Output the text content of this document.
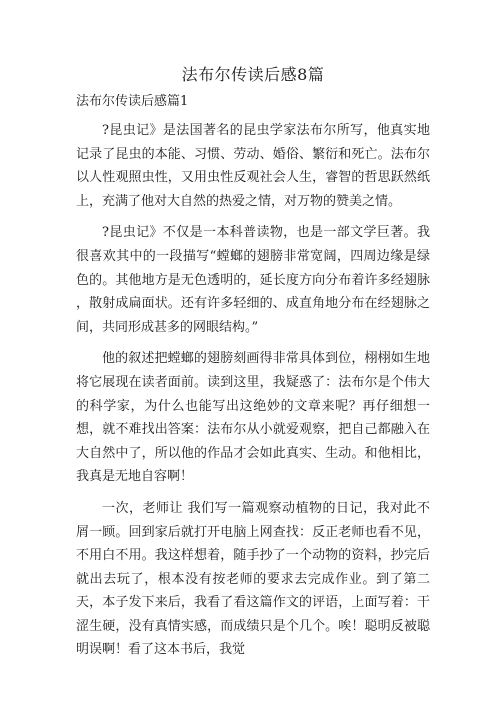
法布尔传读后感8篇
法布尔传读后感篇1

?昆虫记》是法国著名的昆虫学家法布尔所写，他真实地记录了昆虫的本能、习惯、劳动、婚俗、繁衍和死亡。法布尔以人性观照虫性，又用虫性反观社会人生，睿智的哲思跃然纸上，充满了他对大自然的热爱之情，对万物的赞美之情。

?昆虫记》不仅是一本科普读物，也是一部文学巨著。我很喜欢其中的一段描写“螳螂的翅膀非常宽阔，四周边缘是绿色的。其他地方是无色透明的，延长度方向分布着许多经翅脉 ，散射成扁面状。还有许多轻细的、成直角地分布在经翅脉之间，共同形成甚多的网眼结构。”

他的叙述把螳螂的翅膀刻画得非常具体到位，栩栩如生地将它展现在读者面前。读到这里，我疑惑了：法布尔是个伟大的科学家，为什么也能写出这绝妙的文章来呢？再仔细想一想，就不难找出答案：法布尔从小就爱观察，把自己都融入在大自然中了，所以他的作品才会如此真实、生动。和他相比，我真是无地自容啊！

一次，老师让 我们写一篇观察动植物的日记，我对此不屑一顾。回到家后就打开电脑上网查找：反正老师也看不见，不用白不用。我这样想着，随手抄了一个动物的资料，抄完后就出去玩了，根本没有按老师的要求去完成作业。到了第二天，本子发下来后，我看了看这篇作文的评语，上面写着：干涩生硬，没有真情实感，而成绩只是个几个。唉！聪明反被聪明误啊！看了这本书后，我觉
